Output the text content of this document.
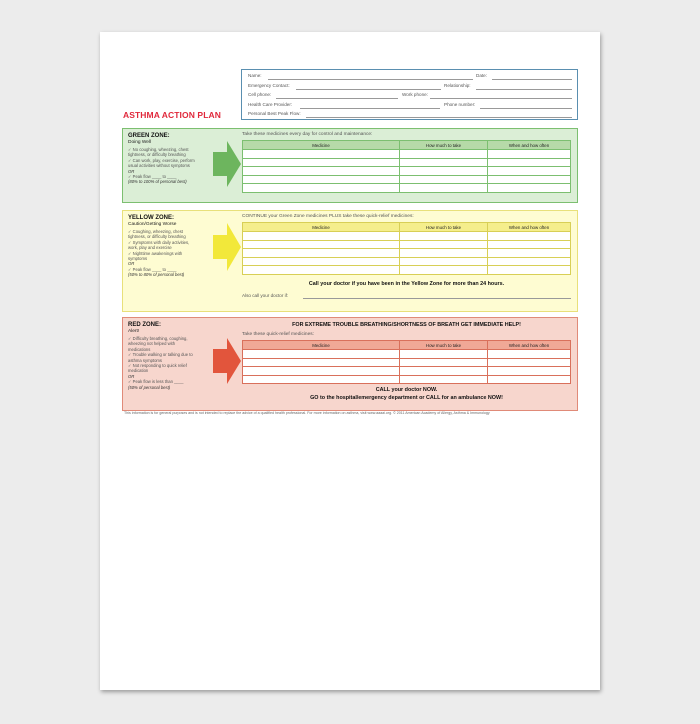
Name:	Date:
Emergency Contact:	Relationship:
Cell phone:	Work phone:
Health Care Provider:	Phone number:
Personal Best Peak Flow:
ASTHMA ACTION PLAN
GREEN ZONE:
Doing Well
✓ No coughing, wheezing, chest
tightness, or difficulty breathing
✓ Can work, play, exercise, perform
usual activities without symptoms
OR
✓ Peak flow ____ to ____
(80% to 100% of personal best)
Take these medicines every day for control and maintenance:
Medicine	How much to take	When and how often

YELLOW ZONE:
Caution/Getting Worse
✓ Coughing, wheezing, chest
tightness, or difficulty breathing
✓ Symptoms with daily activities,
work, play and exercise
✓ Nighttime awakenings with
symptoms
OR
✓ Peak flow ____ to ____
(50% to 80% of personal best)
CONTINUE your Green Zone medicines PLUS take these quick-relief medicines:
Medicine	How much to take	When and how often

Call your doctor if you have been in the Yellow Zone for more than 24 hours.
Also call your doctor if:
RED ZONE:
Alert!
✓ Difficulty breathing, coughing,
wheezing not helped with
medications
✓ Trouble walking or talking due to
asthma symptoms
✓ Not responding to quick relief
medication
OR
✓ Peak flow is less than ____
(50% of personal best)
FOR EXTREME TROUBLE BREATHING/SHORTNESS OF BREATH GET IMMEDIATE HELP!
Take these quick-relief medicines:
Medicine	How much to take	When and how often

CALL your doctor NOW.
GO to the hospital/emergency department or CALL for an ambulance NOW!
This information is for general purposes and is not intended to replace the advice of a qualified health professional. For more information on asthma, visit www.aaaai.org. © 2011 American Academy of Allergy, Asthma & Immunology
